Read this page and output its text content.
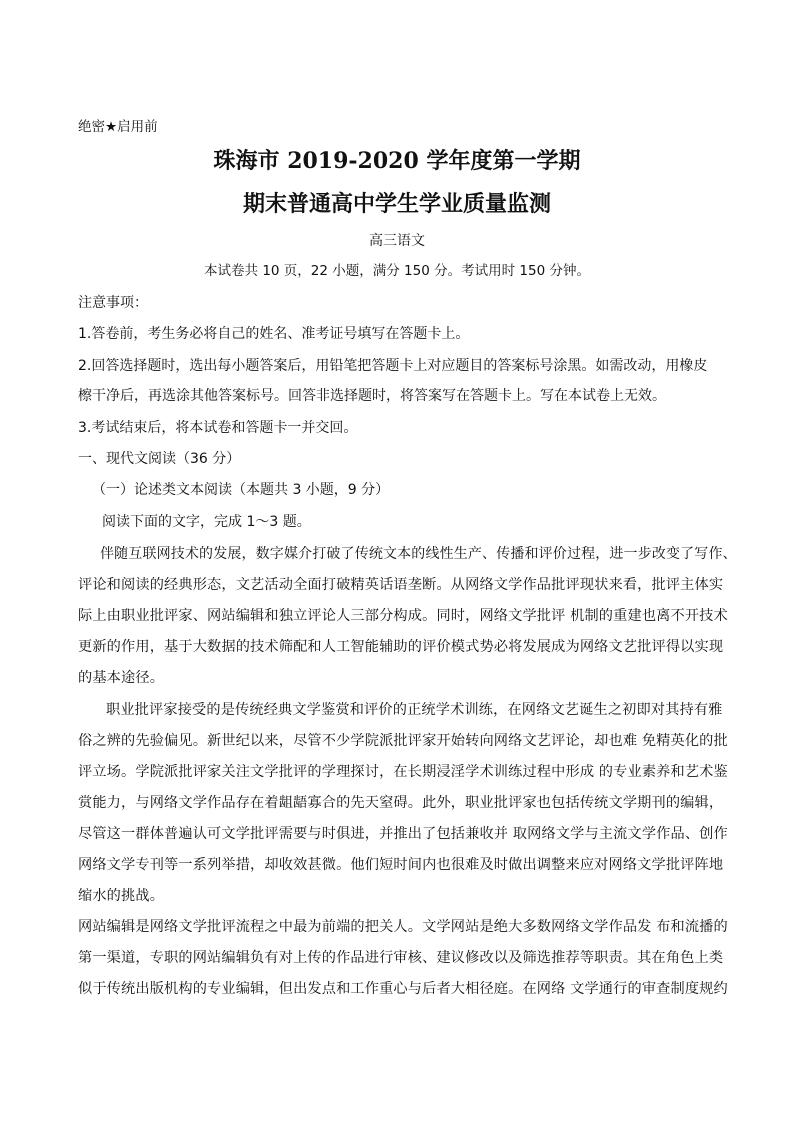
绝密★启用前
珠海市 2019-2020 学年度第一学期
期末普通高中学生学业质量监测
高三语文
本试卷共 10 页，22 小题，满分 150 分。考试用时 150 分钟。
注意事项：
1.答卷前，考生务必将自己的姓名、准考证号填写在答题卡上。
2.回答选择题时，选出每小题答案后，用铅笔把答题卡上对应题目的答案标号涂黑。如需改动，用橡皮
檫干净后，再选涂其他答案标号。回答非选择题时，将答案写在答题卡上。写在本试卷上无效。
3.考试结束后，将本试卷和答题卡一并交回。
一、现代文阅读（36 分）
（一）论述类文本阅读（本题共 3 小题，9 分）
阅读下面的文字，完成 1～3 题。
伴随互联网技术的发展，数字媒介打破了传统文本的线性生产、传播和评价过程，进一步改变了写作、
评论和阅读的经典形态，文艺活动全面打破精英话语垄断。从网络文学作品批评现状来看，批评主体实
际上由职业批评家、网站编辑和独立评论人三部分构成。同时，网络文学批评 机制的重建也离不开技术
更新的作用，基于大数据的技术筛配和人工智能辅助的评价模式势必将发展成为网络文艺批评得以实现
的基本途径。
职业批评家接受的是传统经典文学鉴赏和评价的正统学术训练，在网络文艺诞生之初即对其持有雅
俗之辨的先验偏见。新世纪以来，尽管不少学院派批评家开始转向网络文艺评论，却也难 免精英化的批
评立场。学院派批评家关注文学批评的学理探讨，在长期浸淫学术训练过程中形成 的专业素养和艺术鉴
赏能力，与网络文学作品存在着龃龉寡合的先天窒碍。此外，职业批评家也包括传统文学期刊的编辑，
尽管这一群体普遍认可文学批评需要与时俱进，并推出了包括兼收并 取网络文学与主流文学作品、创作
网络文学专刊等一系列举措，却收效甚微。他们短时间内也很难及时做出调整来应对网络文学批评阵地
缩水的挑战。
网站编辑是网络文学批评流程之中最为前端的把关人。文学网站是绝大多数网络文学作品发 布和流播的
第一渠道，专职的网站编辑负有对上传的作品进行审核、建议修改以及筛选推荐等职责。其在角色上类
似于传统出版机构的专业编辑，但出发点和工作重心与后者大相径庭。在网络 文学通行的审查制度规约
